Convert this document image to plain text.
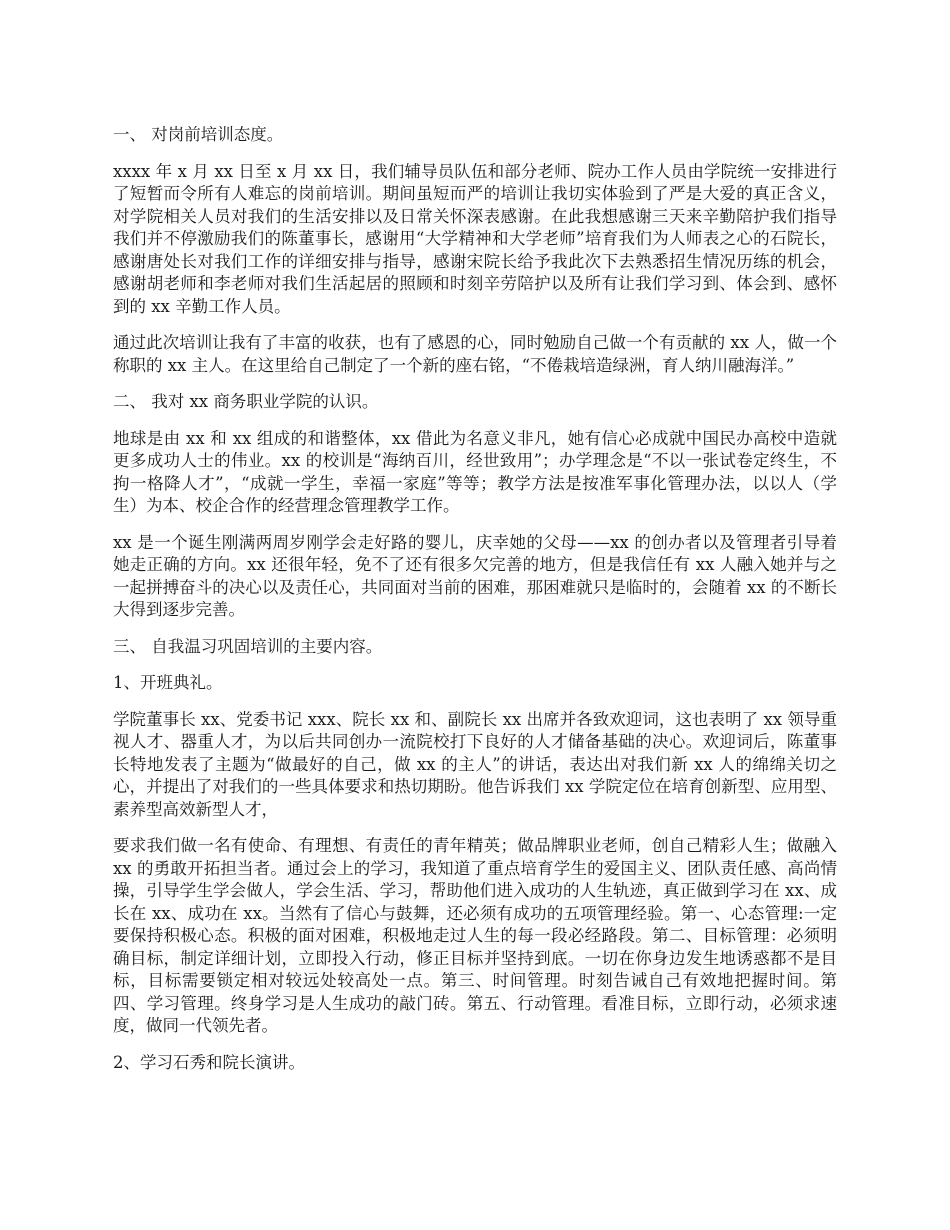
一、 对岗前培训态度。

xxxx 年 x 月 xx 日至 x 月 xx 日，我们辅导员队伍和部分老师、院办工作人员由学院统一安排进行了短暂而令所有人难忘的岗前培训。期间虽短而严的培训让我切实体验到了严是大爱的真正含义，对学院相关人员对我们的生活安排以及日常关怀深表感谢。在此我想感谢三天来辛勤陪护我们指导我们并不停激励我们的陈董事长，感谢用“大学精神和大学老师”培育我们为人师表之心的石院长，感谢唐处长对我们工作的详细安排与指导，感谢宋院长给予我此次下去熟悉招生情况历练的机会，感谢胡老师和李老师对我们生活起居的照顾和时刻辛劳陪护以及所有让我们学习到、体会到、感怀到的 xx 辛勤工作人员。

通过此次培训让我有了丰富的收获，也有了感恩的心，同时勉励自己做一个有贡献的 xx 人，做一个称职的 xx 主人。在这里给自己制定了一个新的座右铭，“不倦栽培造绿洲，育人纳川融海洋。”

二、 我对 xx 商务职业学院的认识。

地球是由 xx 和 xx 组成的和谐整体，xx 借此为名意义非凡，她有信心必成就中国民办高校中造就更多成功人士的伟业。xx 的校训是“海纳百川，经世致用”；办学理念是“不以一张试卷定终生，不拘一格降人才”，“成就一学生，幸福一家庭”等等；教学方法是按准军事化管理办法，以以人（学生）为本、校企合作的经营理念管理教学工作。

xx 是一个诞生刚满两周岁刚学会走好路的婴儿，庆幸她的父母——xx 的创办者以及管理者引导着她走正确的方向。xx 还很年轻，免不了还有很多欠完善的地方，但是我信任有 xx 人融入她并与之一起拼搏奋斗的决心以及责任心，共同面对当前的困难，那困难就只是临时的，会随着 xx 的不断长大得到逐步完善。

三、 自我温习巩固培训的主要内容。

1、开班典礼。

学院董事长 xx、党委书记 xxx、院长 xx 和、副院长 xx 出席并各致欢迎词，这也表明了 xx 领导重视人才、器重人才，为以后共同创办一流院校打下良好的人才储备基础的决心。欢迎词后，陈董事长特地发表了主题为“做最好的自己，做 xx 的主人”的讲话，表达出对我们新 xx 人的绵绵关切之心，并提出了对我们的一些具体要求和热切期盼。他告诉我们 xx 学院定位在培育创新型、应用型、素养型高效新型人才，

要求我们做一名有使命、有理想、有责任的青年精英；做品牌职业老师，创自己精彩人生；做融入 xx 的勇敢开拓担当者。通过会上的学习，我知道了重点培育学生的爱国主义、团队责任感、高尚情操，引导学生学会做人，学会生活、学习，帮助他们进入成功的人生轨迹，真正做到学习在 xx、成长在 xx、成功在 xx。当然有了信心与鼓舞，还必须有成功的五项管理经验。第一、心态管理:一定要保持积极心态。积极的面对困难，积极地走过人生的每一段必经路段。第二、目标管理：必须明确目标，制定详细计划，立即投入行动，修正目标并坚持到底。一切在你身边发生地诱惑都不是目标，目标需要锁定相对较远处较高处一点。第三、时间管理。时刻告诫自己有效地把握时间。第四、学习管理。终身学习是人生成功的敲门砖。第五、行动管理。看准目标，立即行动，必须求速度，做同一代领先者。

2、学习石秀和院长演讲。
